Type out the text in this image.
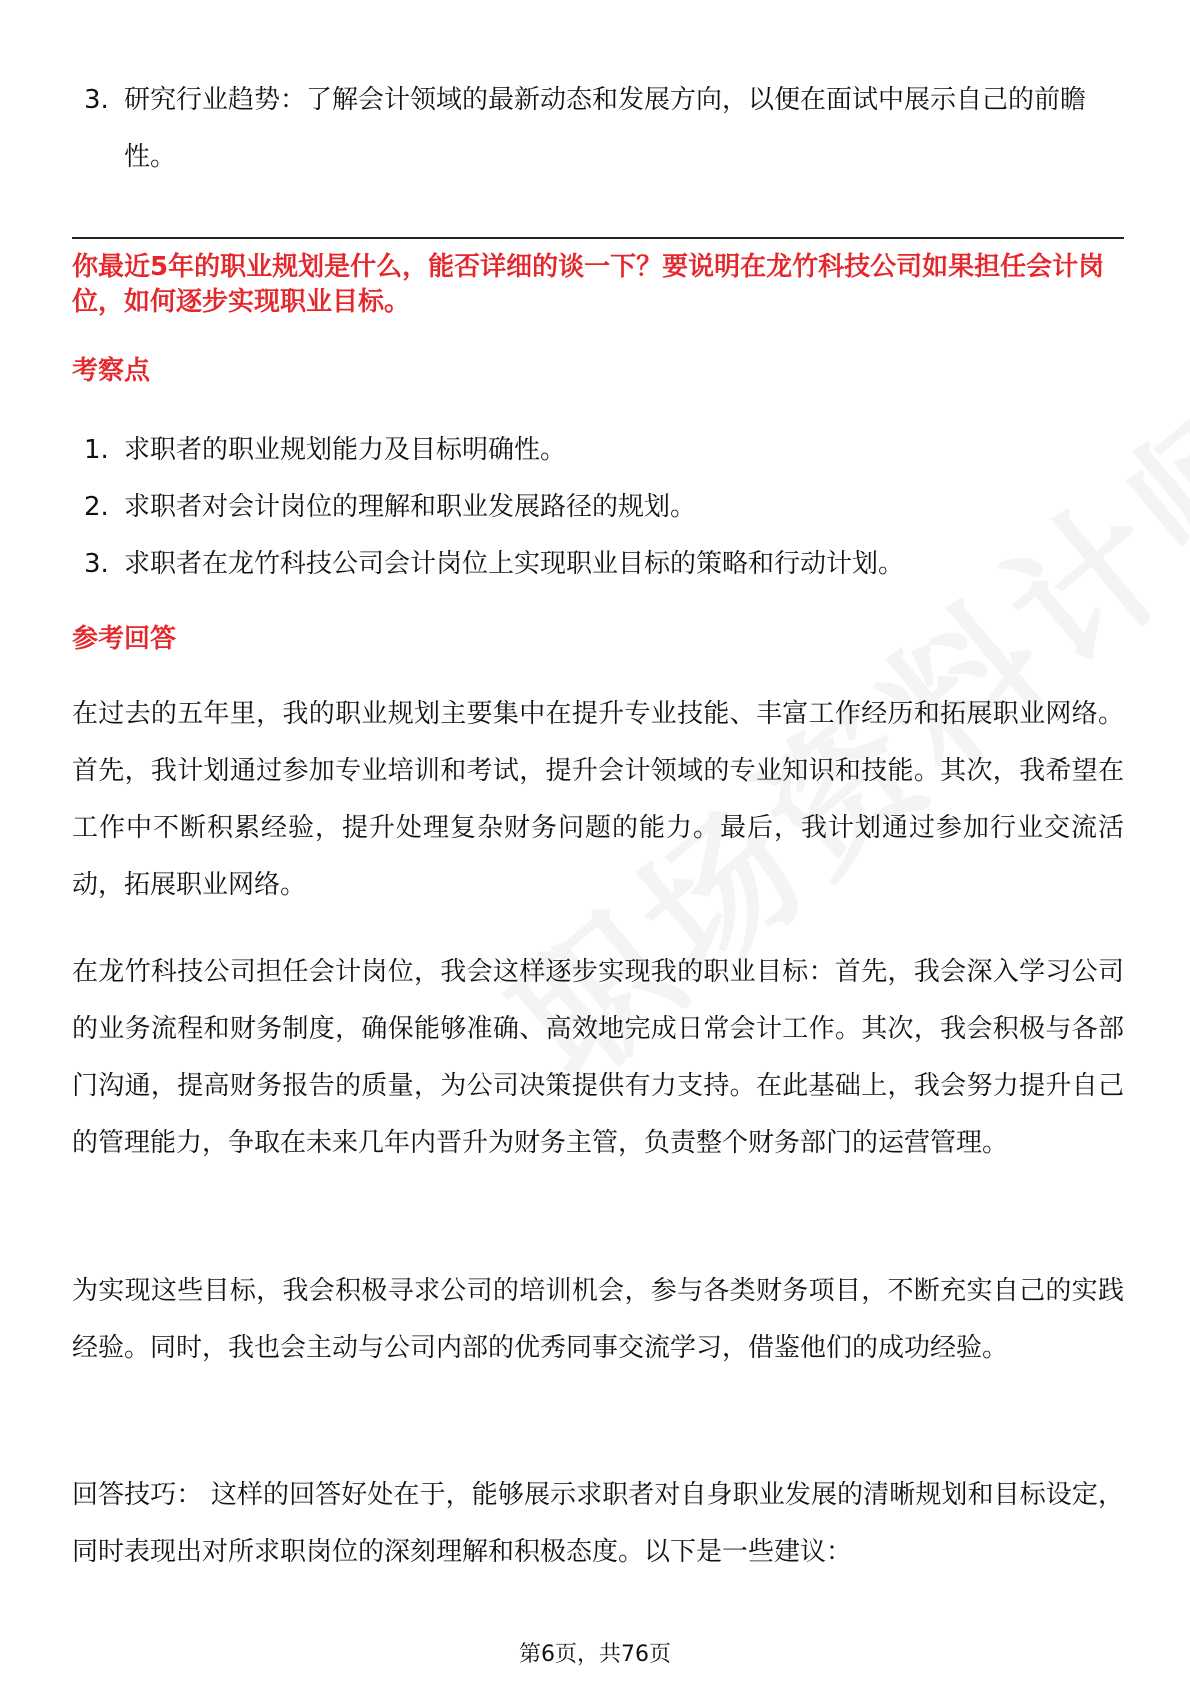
3. 研究行业趋势：了解会计领域的最新动态和发展方向，以便在面试中展示自己的前瞻性。
你最近5年的职业规划是什么，能否详细的谈一下？要说明在龙竹科技公司如果担任会计岗位，如何逐步实现职业目标。
考察点
1. 求职者的职业规划能力及目标明确性。
2. 求职者对会计岗位的理解和职业发展路径的规划。
3. 求职者在龙竹科技公司会计岗位上实现职业目标的策略和行动计划。
参考回答
在过去的五年里，我的职业规划主要集中在提升专业技能、丰富工作经历和拓展职业网络。首先，我计划通过参加专业培训和考试，提升会计领域的专业知识和技能。其次，我希望在工作中不断积累经验，提升处理复杂财务问题的能力。最后，我计划通过参加行业交流活动，拓展职业网络。
在龙竹科技公司担任会计岗位，我会这样逐步实现我的职业目标：首先，我会深入学习公司的业务流程和财务制度，确保能够准确、高效地完成日常会计工作。其次，我会积极与各部门沟通，提高财务报告的质量，为公司决策提供有力支持。在此基础上，我会努力提升自己的管理能力，争取在未来几年内晋升为财务主管，负责整个财务部门的运营管理。
为实现这些目标，我会积极寻求公司的培训机会，参与各类财务项目，不断充实自己的实践经验。同时，我也会主动与公司内部的优秀同事交流学习，借鉴他们的成功经验。
回答技巧： 这样的回答好处在于，能够展示求职者对自身职业发展的清晰规划和目标设定，同时表现出对所求职岗位的深刻理解和积极态度。以下是一些建议：
第6页，共76页
